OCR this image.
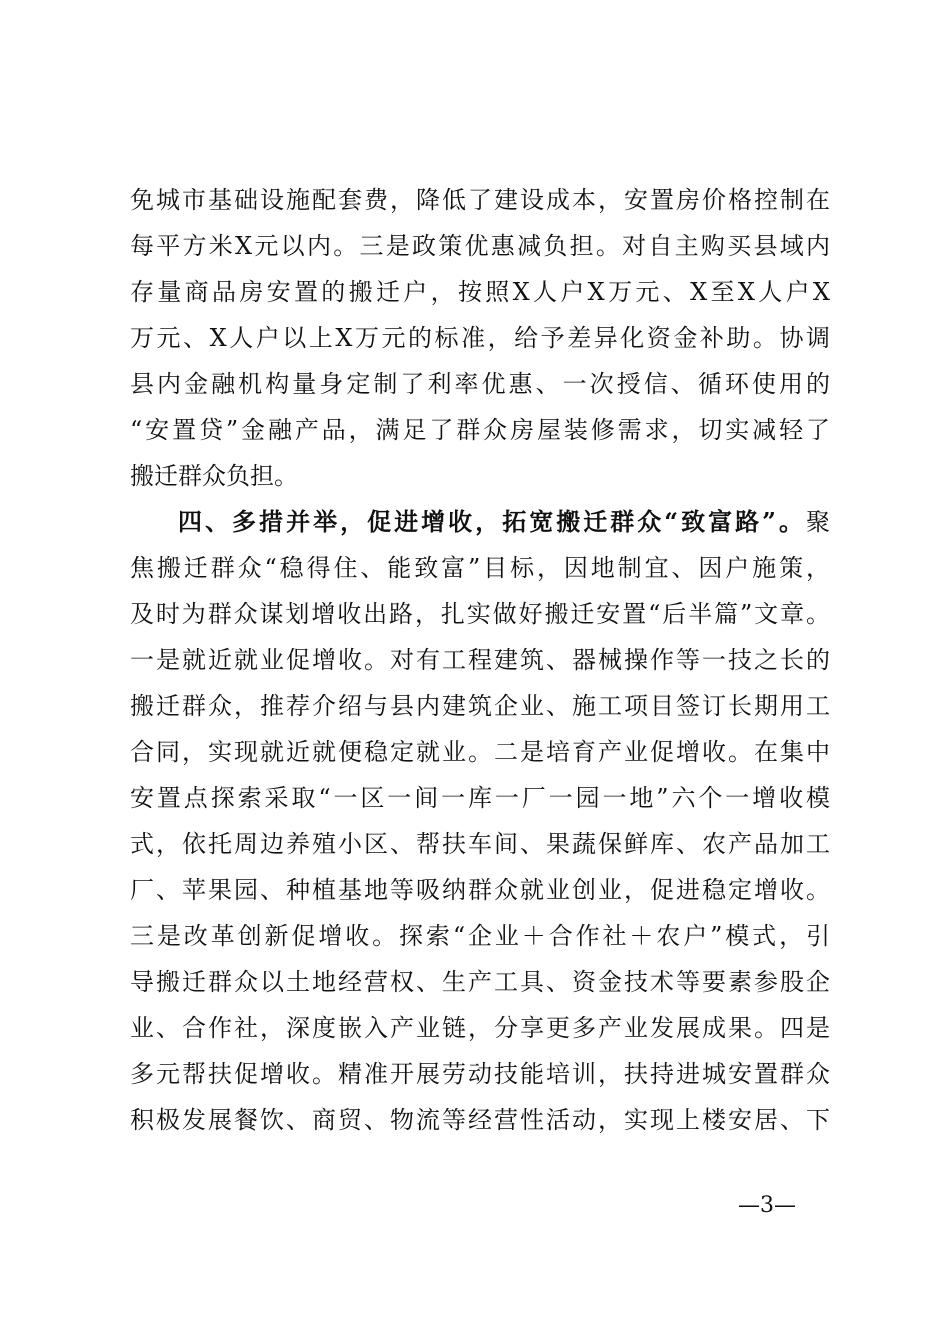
免城市基础设施配套费，降低了建设成本，安置房价格控制在
每平方米X元以内。三是政策优惠减负担。对自主购买县域内
存量商品房安置的搬迁户，按照X人户X万元、X至X人户X
万元、X人户以上X万元的标准，给予差异化资金补助。协调
县内金融机构量身定制了利率优惠、一次授信、循环使用的
“安置贷”金融产品，满足了群众房屋装修需求，切实减轻了
搬迁群众负担。
四、多措并举，促进增收，拓宽搬迁群众“致富路”。聚
焦搬迁群众“稳得住、能致富”目标，因地制宜、因户施策，
及时为群众谋划增收出路，扎实做好搬迁安置“后半篇”文章。
一是就近就业促增收。对有工程建筑、器械操作等一技之长的
搬迁群众，推荐介绍与县内建筑企业、施工项目签订长期用工
合同，实现就近就便稳定就业。二是培育产业促增收。在集中
安置点探索采取“一区一间一库一厂一园一地”六个一增收模
式，依托周边养殖小区、帮扶车间、果蔬保鲜库、农产品加工
厂、苹果园、种植基地等吸纳群众就业创业，促进稳定增收。
三是改革创新促增收。探索“企业＋合作社＋农户”模式，引
导搬迁群众以土地经营权、生产工具、资金技术等要素参股企
业、合作社，深度嵌入产业链，分享更多产业发展成果。四是
多元帮扶促增收。精准开展劳动技能培训，扶持进城安置群众
积极发展餐饮、商贸、物流等经营性活动，实现上楼安居、下
—3—
